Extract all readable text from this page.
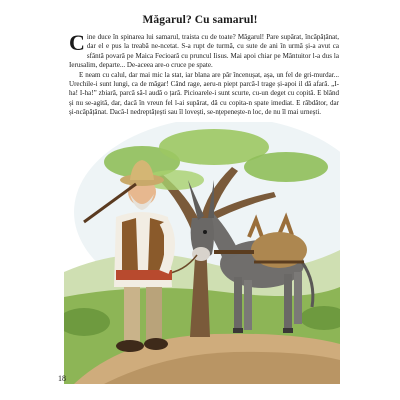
Măgarul? Cu samarul!

Cine duce în spinarea lui samarul, traista cu de toate? Măgarul! Pare supărat, încăpățânat, dar el e pus la treabă ne-ncetat. S-a rupt de turmă, cu sute de ani în urmă și-a avut ca sfântă povară pe Maica Fecioară cu pruncul Iisus. Mai apoi chiar pe Mântuitor l-a dus la Ierusalim, departe... De-aceea are-o cruce pe spate.

E neam cu calul, dar mai mic la stat, iar blana are păr încenușat, așa, un fel de gri-murdar... Urechile-i sunt lungi, ca de măgar! Când rage, aeru-n piept parcă-l trage și-apoi il dă afară. „I-ha! I-ha!” zbiară, parcă să-l audă o țară. Picioarele-i sunt scurte, cu-un deget cu copită. E blând și nu se-agită, dar, dacă în vreun fel l-ai supărat, dă cu copita-n spate imediat. E răbdător, dar și-ncăpățânat. Dacă-l nedreptățești sau îl lovești, se-nțepenește-n loc, de nu îl mai urnești.

18
